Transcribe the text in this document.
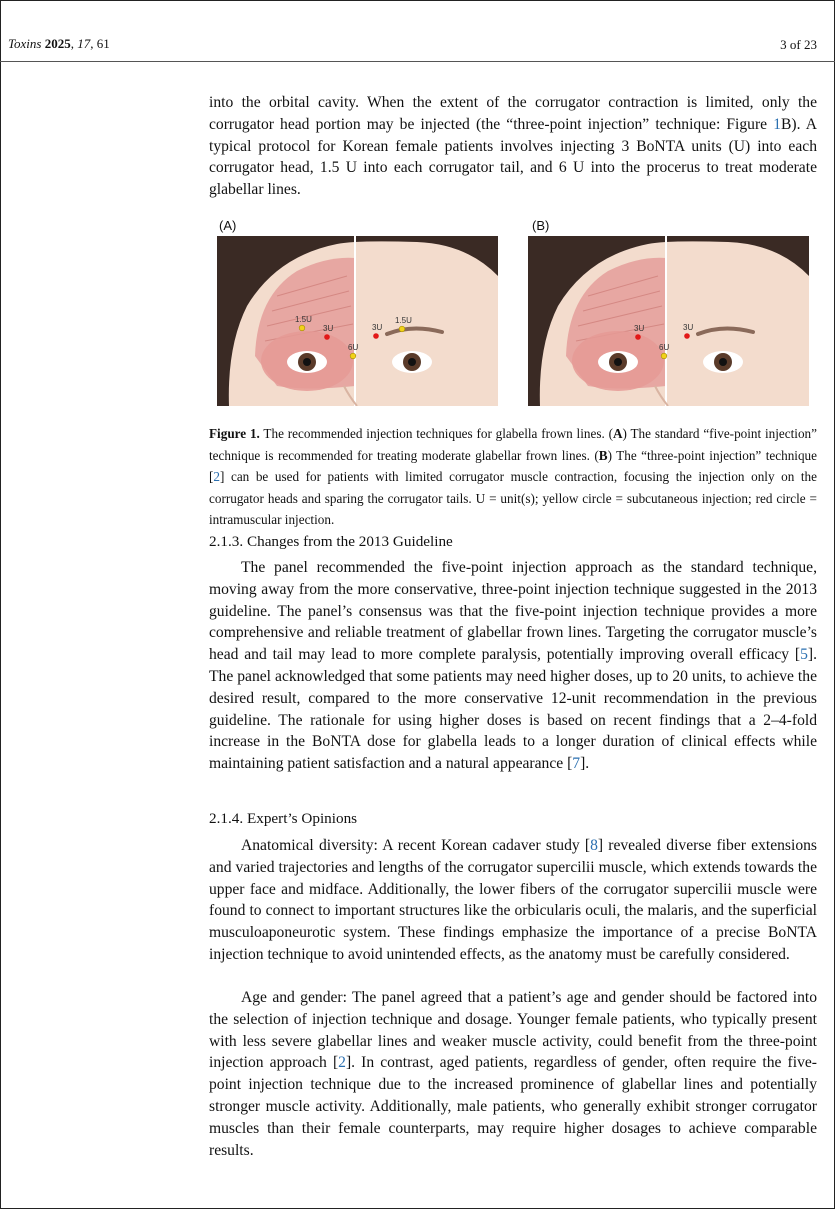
Toxins 2025, 17, 61	3 of 23

into the orbital cavity. When the extent of the corrugator contraction is limited, only the corrugator head portion may be injected (the “three-point injection” technique: Figure 1B). A typical protocol for Korean female patients involves injecting 3 BoNTA units (U) into each corrugator head, 1.5 U into each corrugator tail, and 6 U into the procerus to treat moderate glabellar lines.

(A)	(B)
1.5U
3U
6U
3U
1.5U
3U
6U
3U

Figure 1. The recommended injection techniques for glabella frown lines. (A) The standard “five-point injection” technique is recommended for treating moderate glabellar frown lines. (B) The “three-point injection” technique [2] can be used for patients with limited corrugator muscle contraction, focusing the injection only on the corrugator heads and sparing the corrugator tails. U = unit(s); yellow circle = subcutaneous injection; red circle = intramuscular injection.

2.1.3. Changes from the 2013 Guideline

The panel recommended the five-point injection approach as the standard technique, moving away from the more conservative, three-point injection technique suggested in the 2013 guideline. The panel’s consensus was that the five-point injection technique provides a more comprehensive and reliable treatment of glabellar frown lines. Targeting the corrugator muscle’s head and tail may lead to more complete paralysis, potentially improving overall efficacy [5]. The panel acknowledged that some patients may need higher doses, up to 20 units, to achieve the desired result, compared to the more conservative 12-unit recommendation in the previous guideline. The rationale for using higher doses is based on recent findings that a 2–4-fold increase in the BoNTA dose for glabella leads to a longer duration of clinical effects while maintaining patient satisfaction and a natural appearance [7].

2.1.4. Expert’s Opinions

Anatomical diversity: A recent Korean cadaver study [8] revealed diverse fiber extensions and varied trajectories and lengths of the corrugator supercilii muscle, which extends towards the upper face and midface. Additionally, the lower fibers of the corrugator supercilii muscle were found to connect to important structures like the orbicularis oculi, the malaris, and the superficial musculoaponeurotic system. These findings emphasize the importance of a precise BoNTA injection technique to avoid unintended effects, as the anatomy must be carefully considered.

Age and gender: The panel agreed that a patient’s age and gender should be factored into the selection of injection technique and dosage. Younger female patients, who typically present with less severe glabellar lines and weaker muscle activity, could benefit from the three-point injection approach [2]. In contrast, aged patients, regardless of gender, often require the five-point injection technique due to the increased prominence of glabellar lines and potentially stronger muscle activity. Additionally, male patients, who generally exhibit stronger corrugator muscles than their female counterparts, may require higher dosages to achieve comparable results.
